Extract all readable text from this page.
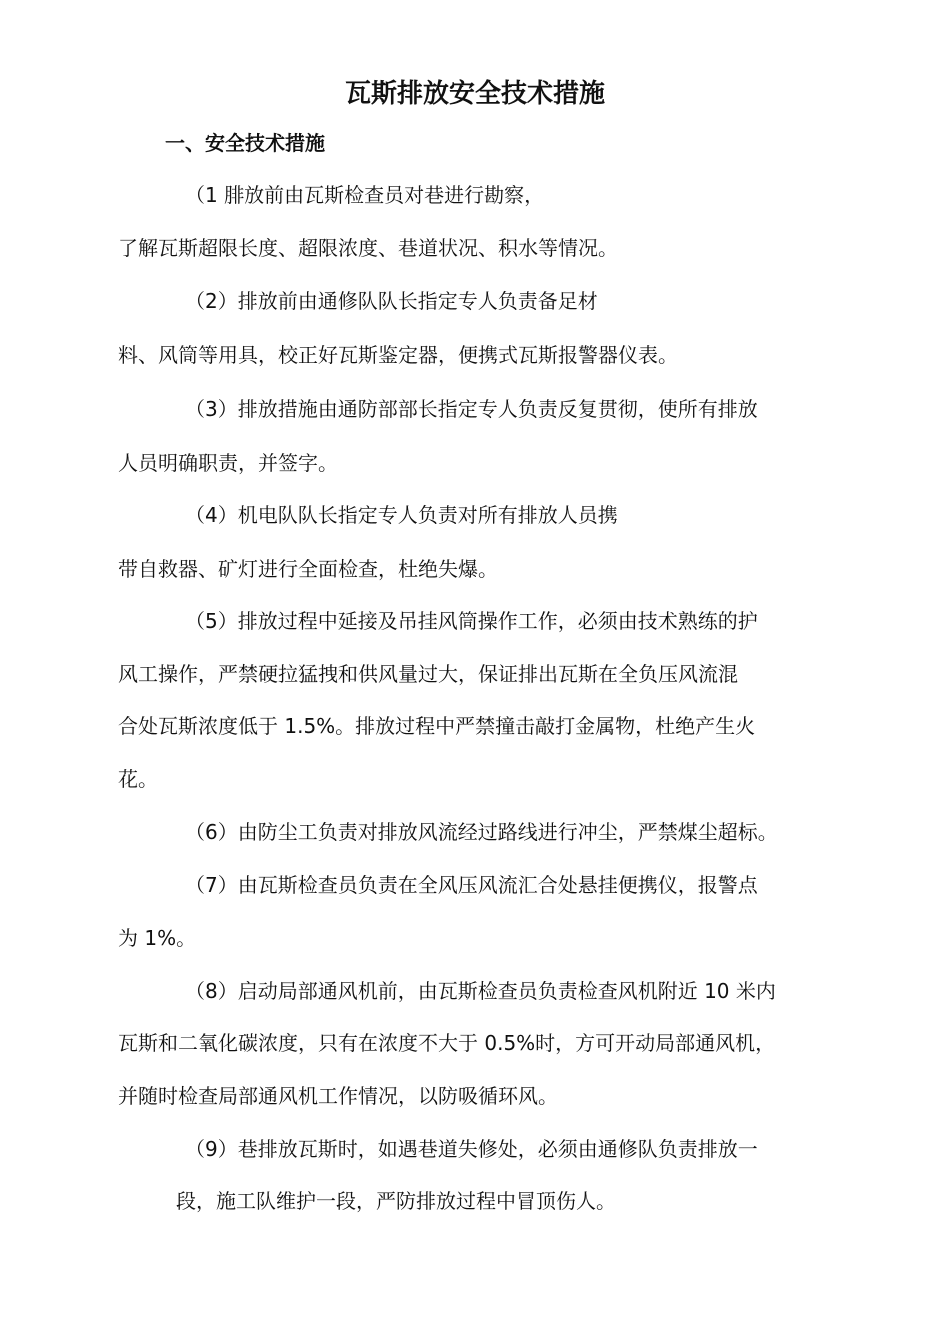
瓦斯排放安全技术措施
一、安全技术措施
（1 腓放前由瓦斯检查员对巷进行勘察，
了解瓦斯超限长度、超限浓度、巷道状况、积水等情况。
（2）排放前由通修队队长指定专人负责备足材
料、风筒等用具，校正好瓦斯鉴定器，便携式瓦斯报警器仪表。
（3）排放措施由通防部部长指定专人负责反复贯彻，使所有排放
人员明确职责，并签字。
（4）机电队队长指定专人负责对所有排放人员携
带自救器、矿灯进行全面检查，杜绝失爆。
（5）排放过程中延接及吊挂风筒操作工作，必须由技术熟练的护
风工操作，严禁硬拉猛拽和供风量过大，保证排出瓦斯在全负压风流混
合处瓦斯浓度低于 1.5%。排放过程中严禁撞击敲打金属物，杜绝产生火
花。
（6）由防尘工负责对排放风流经过路线进行冲尘，严禁煤尘超标。
（7）由瓦斯检查员负责在全风压风流汇合处悬挂便携仪，报警点
为 1%。
（8）启动局部通风机前，由瓦斯检查员负责检查风机附近 10 米内
瓦斯和二氧化碳浓度，只有在浓度不大于 0.5%时，方可开动局部通风机，
并随时检查局部通风机工作情况，以防吸循环风。
（9）巷排放瓦斯时，如遇巷道失修处，必须由通修队负责排放一
段，施工队维护一段，严防排放过程中冒顶伤人。
